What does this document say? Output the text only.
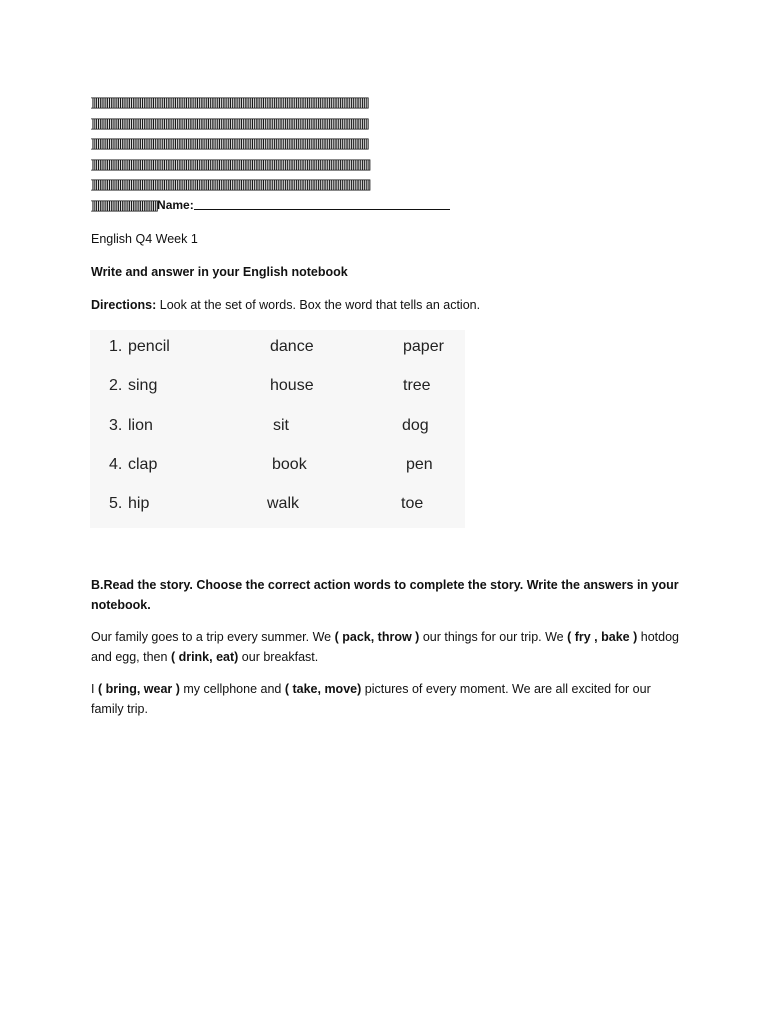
]]]]]]]]]]]]]]]]]]]]]]]]]]]]]]]]]]]]]]]]]]]]]]]]]]]]]]]]]]]]]]]]]]]]]]]]]]]]]]]]]]]]]]]]]]]]]]]]]]]]]]]]]]]]]]]]]]]]]]]]]]]]]]]]]]]]]]]]]]]]]]]]]]]]]]]
]]]]]]]]]]]]]]]]]]]]]]]]]]]]]]]]]]]]]]]]]]]]]]]]]]]]]]]]]]]]]]]]]]]]]]]]]]]]]]]]]]]]]]]]]]]]]]]]]]]]]]]]]]]]]]]]]]]]]]]]]]]]]]]]]]]]]]]]]]]]]]]]]]]]]]]
]]]]]]]]]]]]]]]]]]]]]]]]]]]]]]]]]]]]]]]]]]]]]]]]]]]]]]]]]]]]]]]]]]]]]]]]]]]]]]]]]]]]]]]]]]]]]]]]]]]]]]]]]]]]]]]]]]]]]]]]]]]]]]]]]]]]]]]]]]]]]]]]]]]]]]]
]]]]]]]]]]]]]]]]]]]]]]]]]]]]]]]]]]]]]]]]]]]]]]]]]]]]]]]]]]]]]]]]]]]]]]]]]]]]]]]]]]]]]]]]]]]]]]]]]]]]]]]]]]]]]]]]]]]]]]]]]]]]]]]]]]]]]]]]]]]]]]]]]]]]]]]]
]]]]]]]]]]]]]]]]]]]]]]]]]]]]]]]]]]]]]]]]]]]]]]]]]]]]]]]]]]]]]]]]]]]]]]]]]]]]]]]]]]]]]]]]]]]]]]]]]]]]]]]]]]]]]]]]]]]]]]]]]]]]]]]]]]]]]]]]]]]]]]]]]]]]]]]]
]]]]]]]]]]]]]]]]]]]]]]]]]]]]]]]]]]]]Name:

English Q4 Week 1

Write and answer in your English notebook

Directions: Look at the set of words. Box the word that tells an action.

1. pencil	dance	paper
2. sing	house	tree
3. lion	sit	dog
4. clap	book	pen
5. hip	walk	toe

B.Read the story. Choose the correct action words to complete the story. Write the answers in your notebook.

Our family goes to a trip every summer. We ( pack, throw ) our things for our trip. We ( fry , bake ) hotdog and egg, then ( drink, eat) our breakfast.

I ( bring, wear ) my cellphone and ( take, move) pictures of every moment. We are all excited for our family trip.
